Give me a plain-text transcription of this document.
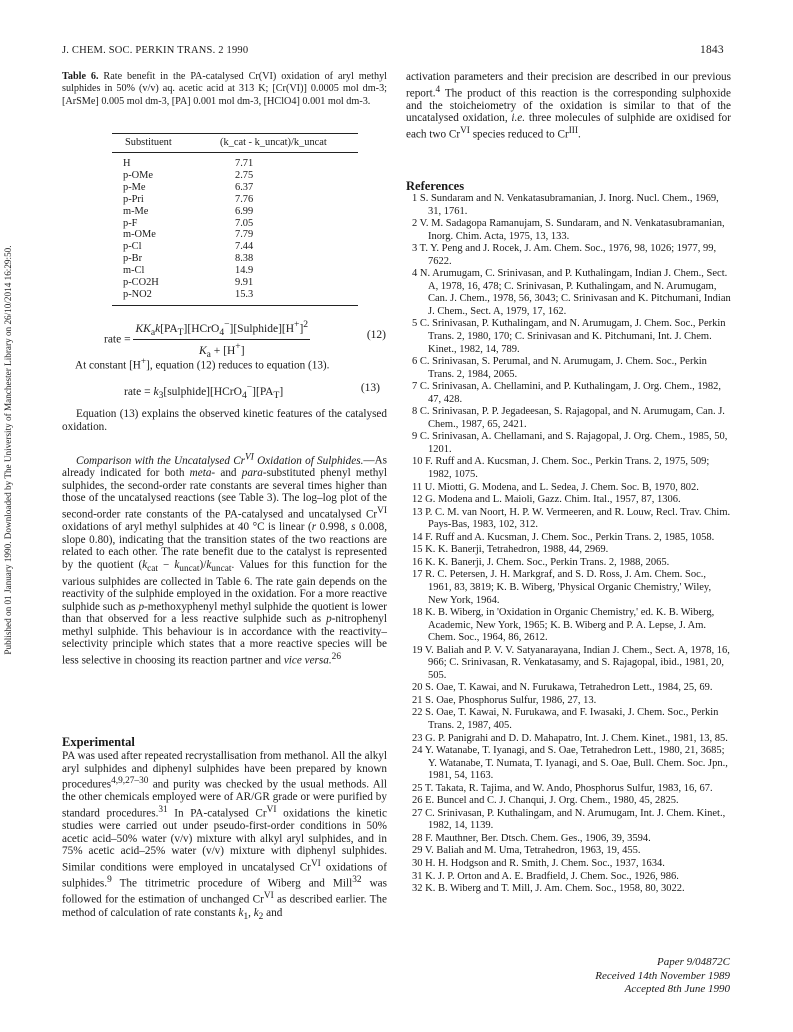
Published on 01 January 1990. Downloaded by The University of Manchester Library on 26/10/2014 16:29:50.
J. CHEM. SOC. PERKIN TRANS. 2 1990	1843

Table 6. Rate benefit in the PA-catalysed Cr(VI) oxidation of aryl methyl sulphides in 50% (v/v) aq. acetic acid at 313 K; [Cr(VI)] 0.0005 mol dm-3; [ArSMe] 0.005 mol dm-3, [PA] 0.001 mol dm-3, [HClO4] 0.001 mol dm-3.

Substituent	(k_cat - k_uncat)/k_uncat
H	7.71
p-OMe	2.75
p-Me	6.37
p-Pri	7.76
m-Me	6.99
p-F	7.05
m-OMe	7.79
p-Cl	7.44
p-Br	8.38
m-Cl	14.9
p-CO2H	9.91
p-NO2	15.3
rate = $\frac{KK_ak[PA_T][HCrO_4^-][Sulphide][H^+]^2}{K_a + [H^+]}$	(12)
At constant [H+], equation (12) reduces to equation (13).
rate = $k_3[sulphide][HCrO_4^-][PA_T]$	(13)
Equation (13) explains the observed kinetic features of the catalysed oxidation.
Comparison with the Uncatalysed $Cr^{VI}$ Oxidation of Sulphides.—As already indicated for both meta- and para-substituted phenyl methyl sulphides, the second-order rate constants are several times higher than those of the uncatalysed reactions (see Table 3). The log–log plot of the second-order rate constants of the PA-catalysed and uncatalysed $Cr^{VI}$ oxidations of aryl methyl sulphides at 40 °C is linear (r 0.998, s 0.008, slope 0.80), indicating that the transition states of the two reactions are related to each other. The rate benefit due to the catalyst is represented by the quotient $(k_{cat} - k_{uncat})/k_{uncat}$. Values for this function for the various sulphides are collected in Table 6. The rate gain depends on the reactivity of the sulphide employed in the oxidation. For a more reactive sulphide such as p-methoxyphenyl methyl sulphide the quotient is lower than that observed for a less reactive sulphide such as p-nitrophenyl methyl sulphide. This behaviour is in accordance with the reactivity–selectivity principle which states that a more reactive species will be less selective in choosing its reaction partner and vice versa.$^{26}$
Experimental
PA was used after repeated recrystallisation from methanol. All the alkyl aryl sulphides and diphenyl sulphides have been prepared by known procedures$^{4,9,27-30}$ and purity was checked by the usual methods. All the other chemicals employed were of AR/GR grade or were purified by standard procedures.$^{31}$ In PA-catalysed $Cr^{VI}$ oxidations the kinetic studies were carried out under pseudo-first-order conditions in 50% acetic acid–50% water (v/v) mixture with alkyl aryl sulphides, and in 75% acetic acid–25% water (v/v) mixture with diphenyl sulphides. Similar conditions were employed in uncatalysed $Cr^{VI}$ oxidations of sulphides.$^9$ The titrimetric procedure of Wiberg and Mill$^{32}$ was followed for the estimation of unchanged $Cr^{VI}$ as described earlier. The method of calculation of rate constants $k_1$, $k_2$ and
activation parameters and their precision are described in our previous report.$^4$ The product of this reaction is the corresponding sulphoxide and the stoicheiometry of the oxidation is similar to that of the uncatalysed oxidation, i.e. three molecules of sulphide are oxidised for each two $Cr^{VI}$ species reduced to $Cr^{III}$.
References

1 S. Sundaram and N. Venkatasubramanian, J. Inorg. Nucl. Chem., 1969, 31, 1761.

2 V. M. Sadagopa Ramanujam, S. Sundaram, and N. Venkatasubramanian, Inorg. Chim. Acta, 1975, 13, 133.

3 T. Y. Peng and J. Rocek, J. Am. Chem. Soc., 1976, 98, 1026; 1977, 99, 7622.

4 N. Arumugam, C. Srinivasan, and P. Kuthalingam, Indian J. Chem., Sect. A, 1978, 16, 478; C. Srinivasan, P. Kuthalingam, and N. Arumugam, Can. J. Chem., 1978, 56, 3043; C. Srinivasan and K. Pitchumani, Indian J. Chem., Sect. A, 1979, 17, 162.

5 C. Srinivasan, P. Kuthalingam, and N. Arumugam, J. Chem. Soc., Perkin Trans. 2, 1980, 170; C. Srinivasan and K. Pitchumani, Int. J. Chem. Kinet., 1982, 14, 789.

6 C. Srinivasan, S. Perumal, and N. Arumugam, J. Chem. Soc., Perkin Trans. 2, 1984, 2065.

7 C. Srinivasan, A. Chellamini, and P. Kuthalingam, J. Org. Chem., 1982, 47, 428.

8 C. Srinivasan, P. P. Jegadeesan, S. Rajagopal, and N. Arumugam, Can. J. Chem., 1987, 65, 2421.

9 C. Srinivasan, A. Chellamani, and S. Rajagopal, J. Org. Chem., 1985, 50, 1201.

10 F. Ruff and A. Kucsman, J. Chem. Soc., Perkin Trans. 2, 1975, 509; 1982, 1075.

11 U. Miotti, G. Modena, and L. Sedea, J. Chem. Soc. B, 1970, 802.

12 G. Modena and L. Maioli, Gazz. Chim. Ital., 1957, 87, 1306.

13 P. C. M. van Noort, H. P. W. Vermeeren, and R. Louw, Recl. Trav. Chim. Pays-Bas, 1983, 102, 312.

14 F. Ruff and A. Kucsman, J. Chem. Soc., Perkin Trans. 2, 1985, 1058.

15 K. K. Banerji, Tetrahedron, 1988, 44, 2969.

16 K. K. Banerji, J. Chem. Soc., Perkin Trans. 2, 1988, 2065.

17 R. C. Petersen, J. H. Markgraf, and S. D. Ross, J. Am. Chem. Soc., 1961, 83, 3819; K. B. Wiberg, 'Physical Organic Chemistry,' Wiley, New York, 1964.

18 K. B. Wiberg, in 'Oxidation in Organic Chemistry,' ed. K. B. Wiberg, Academic, New York, 1965; K. B. Wiberg and P. A. Lepse, J. Am. Chem. Soc., 1964, 86, 2612.

19 V. Baliah and P. V. V. Satyanarayana, Indian J. Chem., Sect. A, 1978, 16, 966; C. Srinivasan, R. Venkatasamy, and S. Rajagopal, ibid., 1981, 20, 505.

20 S. Oae, T. Kawai, and N. Furukawa, Tetrahedron Lett., 1984, 25, 69.

21 S. Oae, Phosphorus Sulfur, 1986, 27, 13.

22 S. Oae, T. Kawai, N. Furukawa, and F. Iwasaki, J. Chem. Soc., Perkin Trans. 2, 1987, 405.

23 G. P. Panigrahi and D. D. Mahapatro, Int. J. Chem. Kinet., 1981, 13, 85.

24 Y. Watanabe, T. Iyanagi, and S. Oae, Tetrahedron Lett., 1980, 21, 3685; Y. Watanabe, T. Numata, T. Iyanagi, and S. Oae, Bull. Chem. Soc. Jpn., 1981, 54, 1163.

25 T. Takata, R. Tajima, and W. Ando, Phosphorus Sulfur, 1983, 16, 67.

26 E. Buncel and C. J. Chanqui, J. Org. Chem., 1980, 45, 2825.

27 C. Srinivasan, P. Kuthalingam, and N. Arumugam, Int. J. Chem. Kinet., 1982, 14, 1139.

28 F. Mauthner, Ber. Dtsch. Chem. Ges., 1906, 39, 3594.

29 V. Baliah and M. Uma, Tetrahedron, 1963, 19, 455.

30 H. H. Hodgson and R. Smith, J. Chem. Soc., 1937, 1634.

31 K. J. P. Orton and A. E. Bradfield, J. Chem. Soc., 1926, 986.

32 K. B. Wiberg and T. Mill, J. Am. Chem. Soc., 1958, 80, 3022.

Paper 9/04872C
Received 14th November 1989
Accepted 8th June 1990
